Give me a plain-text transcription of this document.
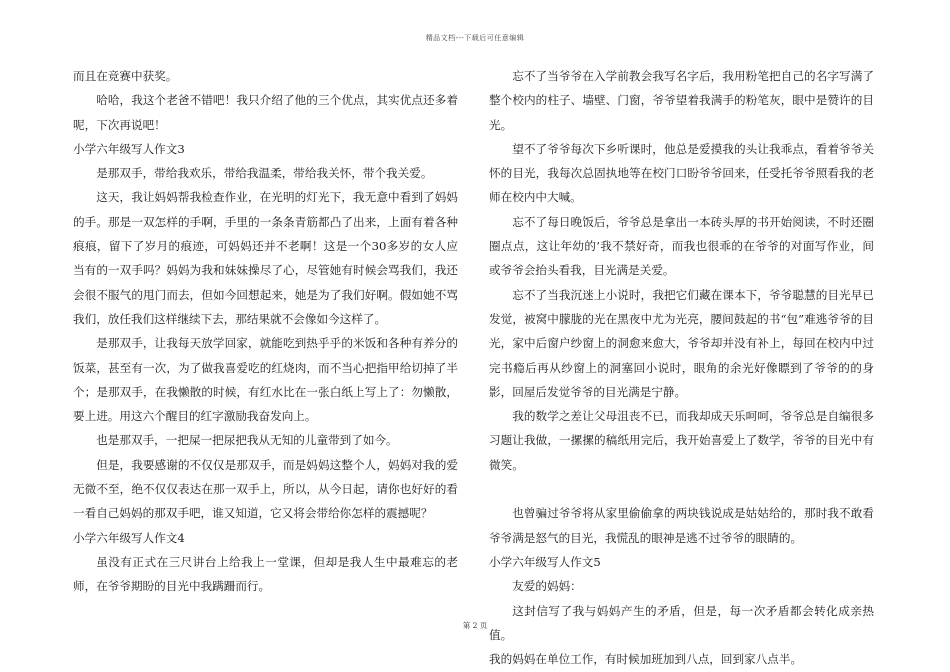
精品文档---下载后可任意编辑

而且在竞赛中获奖。

哈哈，我这个老爸不错吧！我只介绍了他的三个优点，其实优点还多着呢，下次再说吧！

小学六年级写人作文3

是那双手，带给我欢乐，带给我温柔，带给我关怀，带个我关爱。

这天，我让妈妈帮我检查作业，在光明的灯光下，我无意中看到了妈妈的手。那是一双怎样的手啊，手里的一条条青筋都凸了出来，上面有着各种痕痕，留下了岁月的痕迹，可妈妈还并不老啊！这是一个30多岁的女人应当有的一双手吗？妈妈为我和妹妹操尽了心，尽管她有时候会骂我们，我还会很不服气的甩门而去，但如今回想起来，她是为了我们好啊。假如她不骂我们，放任我们这样继续下去，那结果就不会像如今这样了。

是那双手，让我每天放学回家，就能吃到热乎乎的米饭和各种有养分的饭菜，甚至有一次，为了做我喜爱吃的红烧肉，而不当心把指甲给切掉了半个；是那双手，在我懒散的时候，有红水比在一张白纸上写上了：勿懒散，要上进。用这六个醒目的红字激励我奋发向上。

也是那双手，一把屎一把尿把我从无知的儿童带到了如今。

但是，我要感谢的不仅仅是那双手，而是妈妈这整个人，妈妈对我的爱无微不至，绝不仅仅表达在那一双手上，所以，从今日起，请你也好好的看一看自己妈妈的那双手吧，谁又知道，它又将会带给你怎样的震撼呢？

小学六年级写人作文4

虽没有正式在三尺讲台上给我上一堂课，但却是我人生中最难忘的老师，在爷爷期盼的目光中我蹒跚而行。

忘不了当爷爷在入学前教会我写名字后，我用粉笔把自己的名字写满了整个校内的柱子、墙壁、门窗，爷爷望着我满手的粉笔灰，眼中是赞许的目光。

望不了爷爷每次下乡听课时，他总是爱摸我的头让我乖点，看着爷爷关怀的目光，我每次总固执地等在校门口盼爷爷回来，任受托爷爷照看我的老师在校内中大喊。

忘不了每日晚饭后，爷爷总是拿出一本砖头厚的书开始阅读，不时还圈圈点点，这让年幼的’我不禁好奇，而我也很乖的在爷爷的对面写作业，间或爷爷会抬头看我，目光满是关爱。

忘不了当我沉迷上小说时，我把它们藏在课本下，爷爷聪慧的目光早已发觉，被窝中朦胧的光在黑夜中尤为光亮，腰间鼓起的书“包”难逃爷爷的目光，家中后窗户纱窗上的洞愈来愈大，爷爷却并没有补上，每回在校内中过完书瘾后再从纱窗上的洞塞回小说时，眼角的余光好像瞟到了爷爷的的身影，回屋后发觉爷爷的目光满是宁静。

我的数学之差让父母沮丧不已，而我却成天乐呵呵，爷爷总是自编很多习题让我做，一摞摞的稿纸用完后，我开始喜爱上了数学，爷爷的目光中有微笑。

也曾骗过爷爷将从家里偷偷拿的两块钱说成是姑姑给的，那时我不敢看爷爷满是怒气的目光，我慌乱的眼神是逃不过爷爷的眼睛的。

小学六年级写人作文5

友爱的妈妈：

这封信写了我与妈妈产生的矛盾，但是，每一次矛盾都会转化成亲热值。

我的妈妈在单位工作，有时候加班加到八点，回到家八点半。

第 2 页
